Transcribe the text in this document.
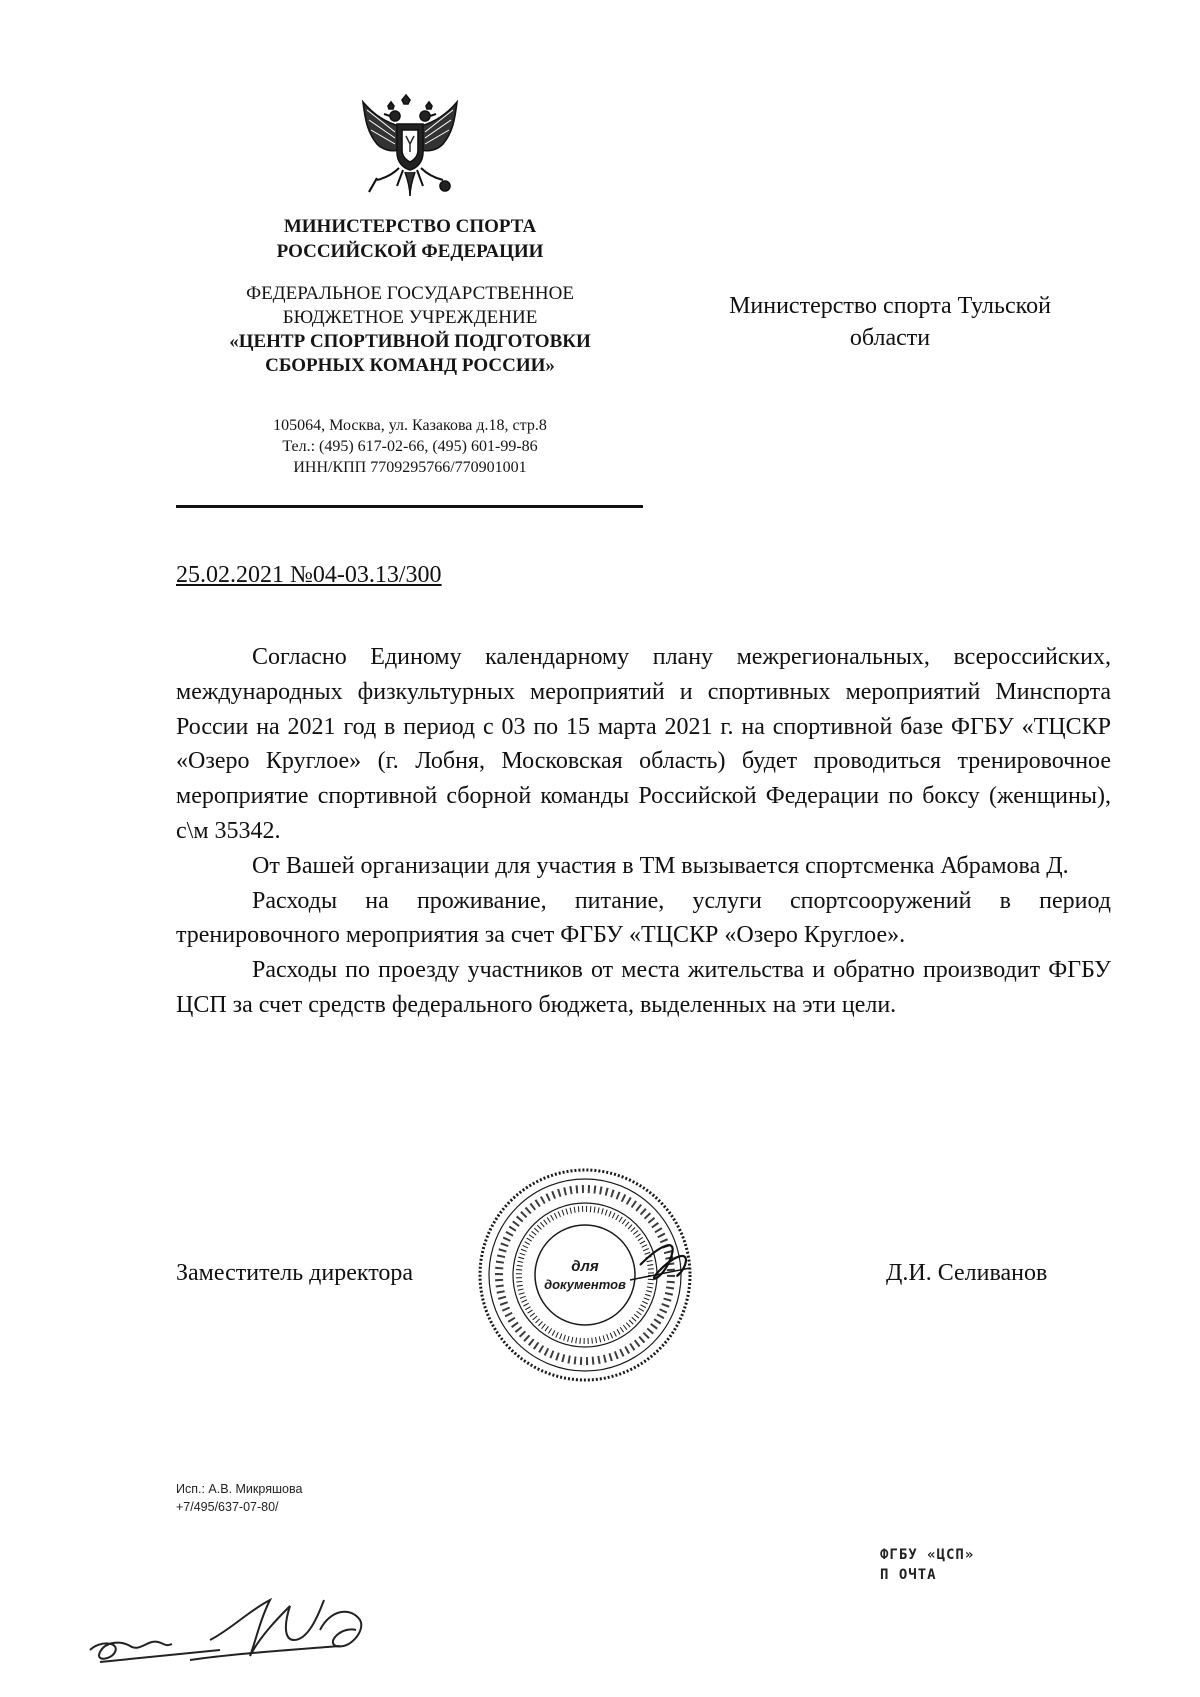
МИНИСТЕРСТВО СПОРТА
РОССИЙСКОЙ ФЕДЕРАЦИИ
ФЕДЕРАЛЬНОЕ ГОСУДАРСТВЕННОЕ
БЮДЖЕТНОЕ УЧРЕЖДЕНИЕ
«ЦЕНТР СПОРТИВНОЙ ПОДГОТОВКИ
СБОРНЫХ КОМАНД РОССИИ»
105064, Москва, ул. Казакова д.18, стр.8
Тел.: (495) 617-02-66, (495) 601-99-86
ИНН/КПП 7709295766/770901001
Министерство спорта Тульской
области
25.02.2021 №04-03.13/300

Согласно Единому календарному плану межрегиональных, всероссийских, международных физкультурных мероприятий и спортивных мероприятий Минспорта России на 2021 год в период с 03 по 15 марта 2021 г. на спортивной базе ФГБУ «ТЦСКР «Озеро Круглое» (г. Лобня, Московская область) будет проводиться тренировочное мероприятие спортивной сборной команды Российской Федерации по боксу (женщины), с\м 35342.

От Вашей организации для участия в ТМ вызывается спортсменка Абрамова Д.

Расходы на проживание, питание, услуги спортсооружений в период тренировочного мероприятия за счет ФГБУ «ТЦСКР «Озеро Круглое».

Расходы по проезду участников от места жительства и обратно производит ФГБУ ЦСП за счет средств федерального бюджета, выделенных на эти цели.

для
документов
Заместитель директора	Д.И. Селиванов
Исп.: А.В. Микряшова
+7/495/637-07-80/
ФГБУ «ЦСП»
П ОЧТА
